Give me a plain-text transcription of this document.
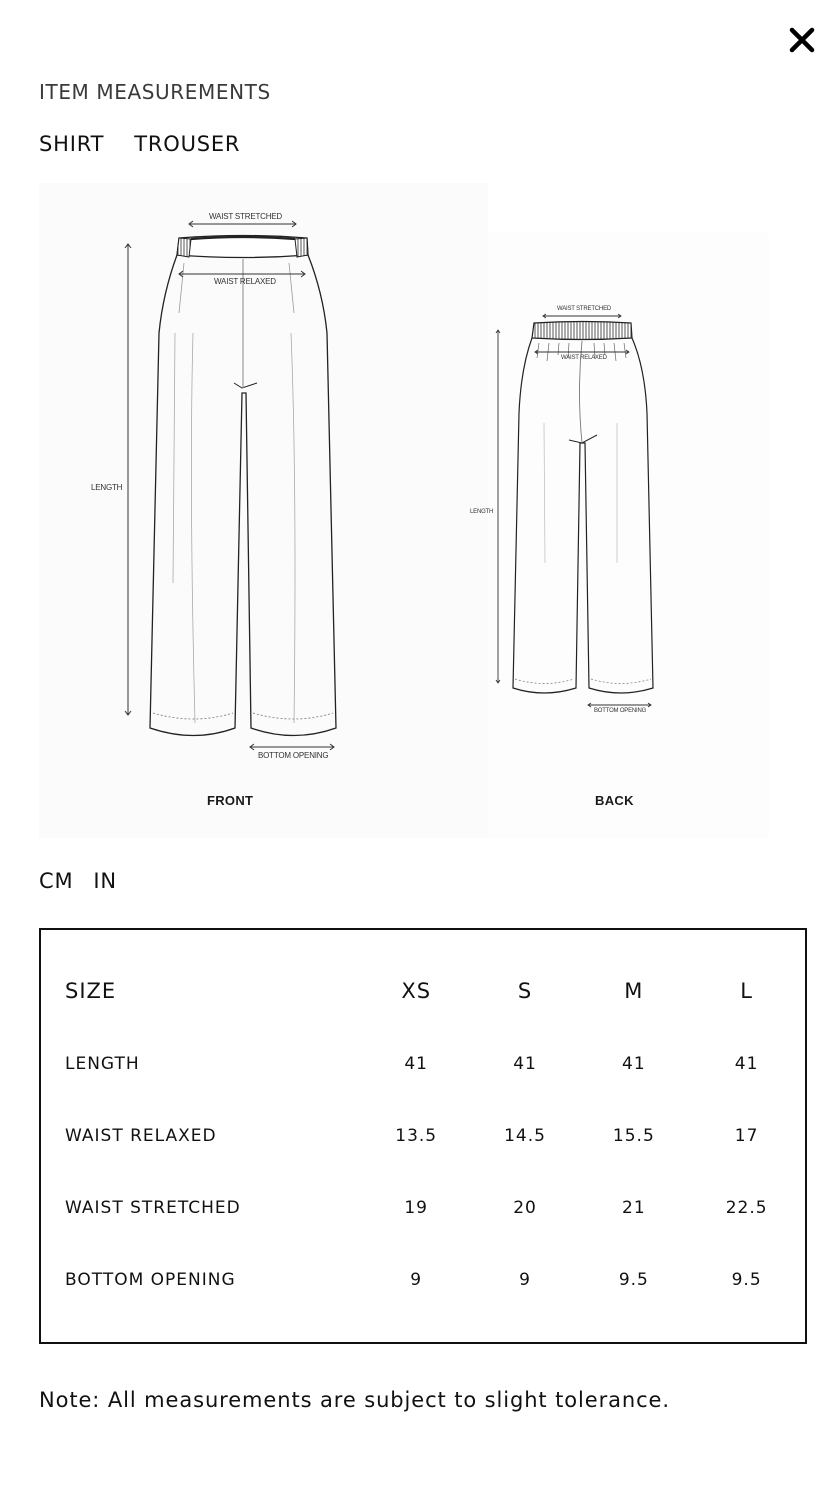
ITEM MEASUREMENTS
SHIRT TROUSER
WAIST STRETCHED
WAIST RELAXED
LENGTH
BOTTOM OPENING
FRONT
WAIST STRETCHED
WAIST RELAXED
LENGTH
BOTTOM OPENING
BACK
CM IN
SIZE	XS	S	M	L
LENGTH	41	41	41	41
WAIST RELAXED	13.5	14.5	15.5	17
WAIST STRETCHED	19	20	21	22.5
BOTTOM OPENING	9	9	9.5	9.5
Note: All measurements are subject to slight tolerance.
